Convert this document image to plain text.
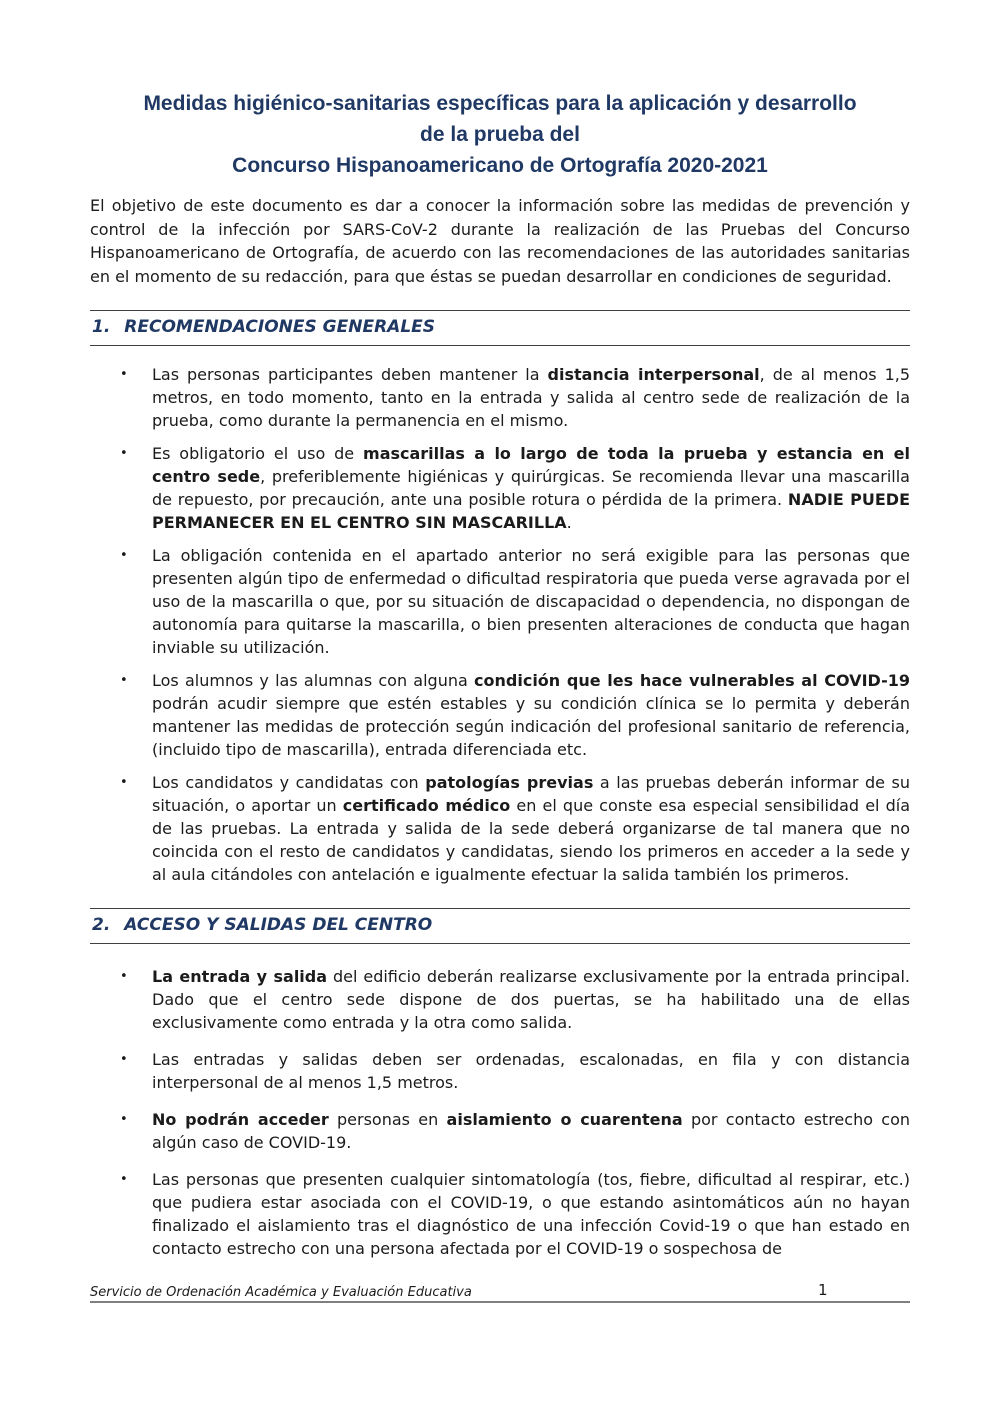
Medidas higiénico-sanitarias específicas para la aplicación y desarrollo
de la prueba del
Concurso Hispanoamericano de Ortografía 2020-2021

El objetivo de este documento es dar a conocer la información sobre las medidas de prevención y control de la infección por SARS-CoV-2 durante la realización de las Pruebas del Concurso Hispanoamericano de Ortografía, de acuerdo con las recomendaciones de las autoridades sanitarias en el momento de su redacción, para que éstas se puedan desarrollar en condiciones de seguridad.

1. RECOMENDACIONES GENERALES
•	Las personas participantes deben mantener la distancia interpersonal, de al menos 1,5 metros, en todo momento, tanto en la entrada y salida al centro sede de realización de la prueba, como durante la permanencia en el mismo.
•	Es obligatorio el uso de mascarillas a lo largo de toda la prueba y estancia en el centro sede, preferiblemente higiénicas y quirúrgicas. Se recomienda llevar una mascarilla de repuesto, por precaución, ante una posible rotura o pérdida de la primera. NADIE PUEDE PERMANECER EN EL CENTRO SIN MASCARILLA.
•	La obligación contenida en el apartado anterior no será exigible para las personas que presenten algún tipo de enfermedad o dificultad respiratoria que pueda verse agravada por el uso de la mascarilla o que, por su situación de discapacidad o dependencia, no dispongan de autonomía para quitarse la mascarilla, o bien presenten alteraciones de conducta que hagan inviable su utilización.
•	Los alumnos y las alumnas con alguna condición que les hace vulnerables al COVID-19 podrán acudir siempre que estén estables y su condición clínica se lo permita y deberán mantener las medidas de protección según indicación del profesional sanitario de referencia, (incluido tipo de mascarilla), entrada diferenciada etc.
•	Los candidatos y candidatas con patologías previas a las pruebas deberán informar de su situación, o aportar un certificado médico en el que conste esa especial sensibilidad el día de las pruebas. La entrada y salida de la sede deberá organizarse de tal manera que no coincida con el resto de candidatos y candidatas, siendo los primeros en acceder a la sede y al aula citándoles con antelación e igualmente efectuar la salida también los primeros.
2. ACCESO Y SALIDAS DEL CENTRO
•	La entrada y salida del edificio deberán realizarse exclusivamente por la entrada principal. Dado que el centro sede dispone de dos puertas, se ha habilitado una de ellas exclusivamente como entrada y la otra como salida.
•	Las entradas y salidas deben ser ordenadas, escalonadas, en fila y con distancia interpersonal de al menos 1,5 metros.
•	No podrán acceder personas en aislamiento o cuarentena por contacto estrecho con algún caso de COVID-19.
•	Las personas que presenten cualquier sintomatología (tos, fiebre, dificultad al respirar, etc.) que pudiera estar asociada con el COVID-19, o que estando asintomáticos aún no hayan finalizado el aislamiento tras el diagnóstico de una infección Covid-19 o que han estado en contacto estrecho con una persona afectada por el COVID-19 o sospechosa de
Servicio de Ordenación Académica y Evaluación Educativa	1
